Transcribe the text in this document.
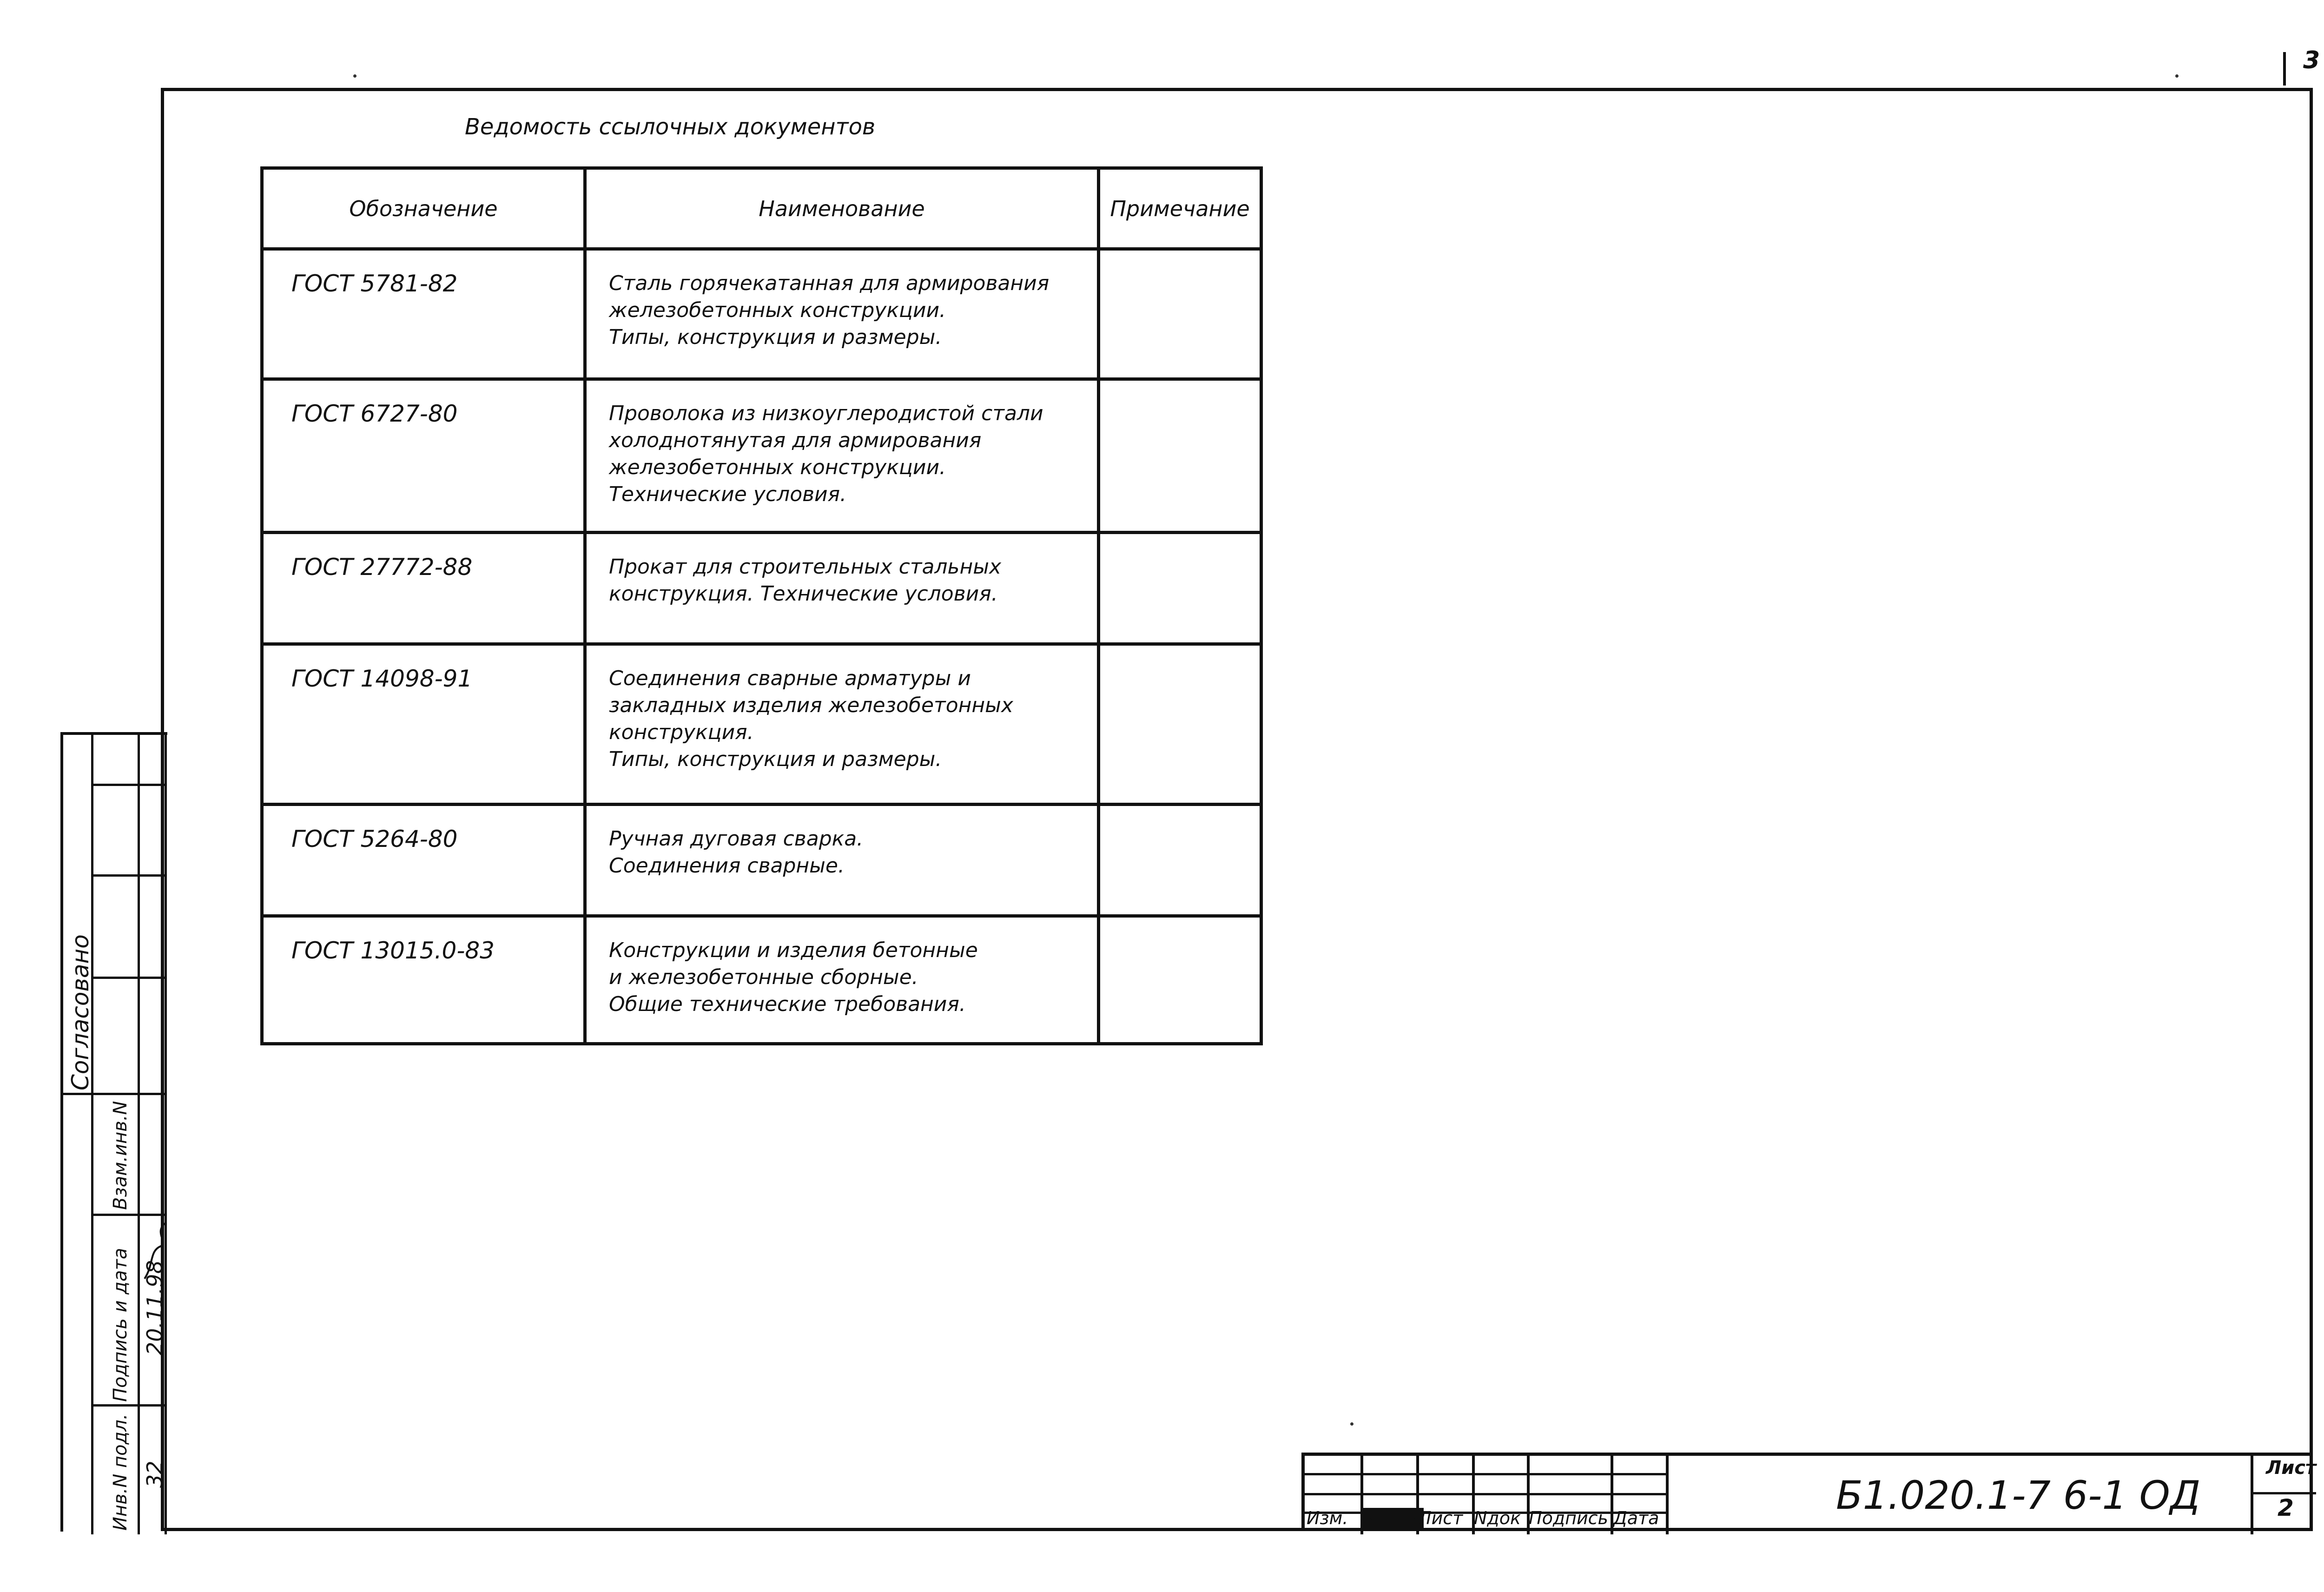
3
Ведомость ссылочных документов
Обозначение	Наименование	Примечание
ГОСТ 5781-82	Сталь горячекатанная для армирования
железобетонных конструкции.
Типы, конструкция и размеры.	

ГОСТ 6727-80	Проволока из низкоуглеродистой стали
холоднотянутая для армирования
железобетонных конструкции.
Технические условия.	

ГОСТ 27772-88	Прокат для строительных стальных
конструкция. Технические условия.	

ГОСТ 14098-91	Соединения сварные арматуры и
закладных изделия железобетонных
конструкция.
Типы, конструкция и размеры.	

ГОСТ 5264-80	Ручная дуговая сварка.
Соединения сварные.	

ГОСТ 13015.0-83	Конструкции и изделия бетонные
и железобетонные сборные.
Общие технические требования.	

Согласовано
Взам.инв.N
Подпись и дата
Инв.N подл.
20.11.98
32
Изм. Кол.уч
Лист Nдок Подпись Дата	Б1.020.1-7 6-1 ОД
Лист
2
